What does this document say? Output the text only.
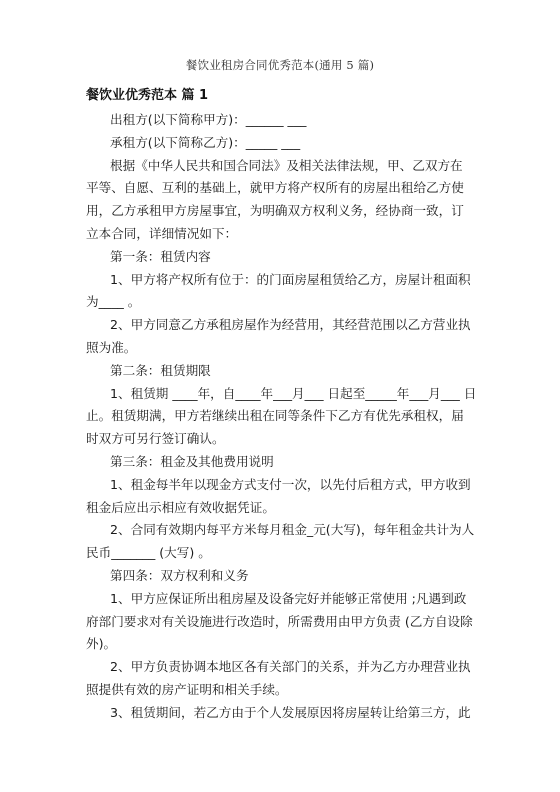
餐饮业租房合同优秀范本(通用 5 篇)
餐饮业优秀范本 篇 1
出租方(以下简称甲方)：______ ___
承租方(以下简称乙方)：_____ ___
根据《中华人民共和国合同法》及相关法律法规，甲、乙双方在
平等、自愿、互利的基础上，就甲方将产权所有的房屋出租给乙方使
用，乙方承租甲方房屋事宜，为明确双方权利义务，经协商一致，订
立本合同，详细情况如下：
第一条：租赁内容
1、甲方将产权所有位于：的门面房屋租赁给乙方，房屋计租面积
为____ 。
2、甲方同意乙方承租房屋作为经营用，其经营范围以乙方营业执
照为准。
第二条：租赁期限
1、租赁期 ____年，自____年___月___ 日起至_____年___月___ 日
止。租赁期满，甲方若继续出租在同等条件下乙方有优先承租权，届
时双方可另行签订确认。
第三条：租金及其他费用说明
1、租金每半年以现金方式支付一次，以先付后租方式，甲方收到
租金后应出示相应有效收据凭证。
2、合同有效期内每平方米每月租金_元(大写)，每年租金共计为人
民币_______ (大写) 。
第四条：双方权利和义务
1、甲方应保证所出租房屋及设备完好并能够正常使用 ;凡遇到政
府部门要求对有关设施进行改造时，所需费用由甲方负责 (乙方自设除
外)。
2、甲方负责协调本地区各有关部门的关系，并为乙方办理营业执
照提供有效的房产证明和相关手续。
3、租赁期间，若乙方由于个人发展原因将房屋转让给第三方，此
